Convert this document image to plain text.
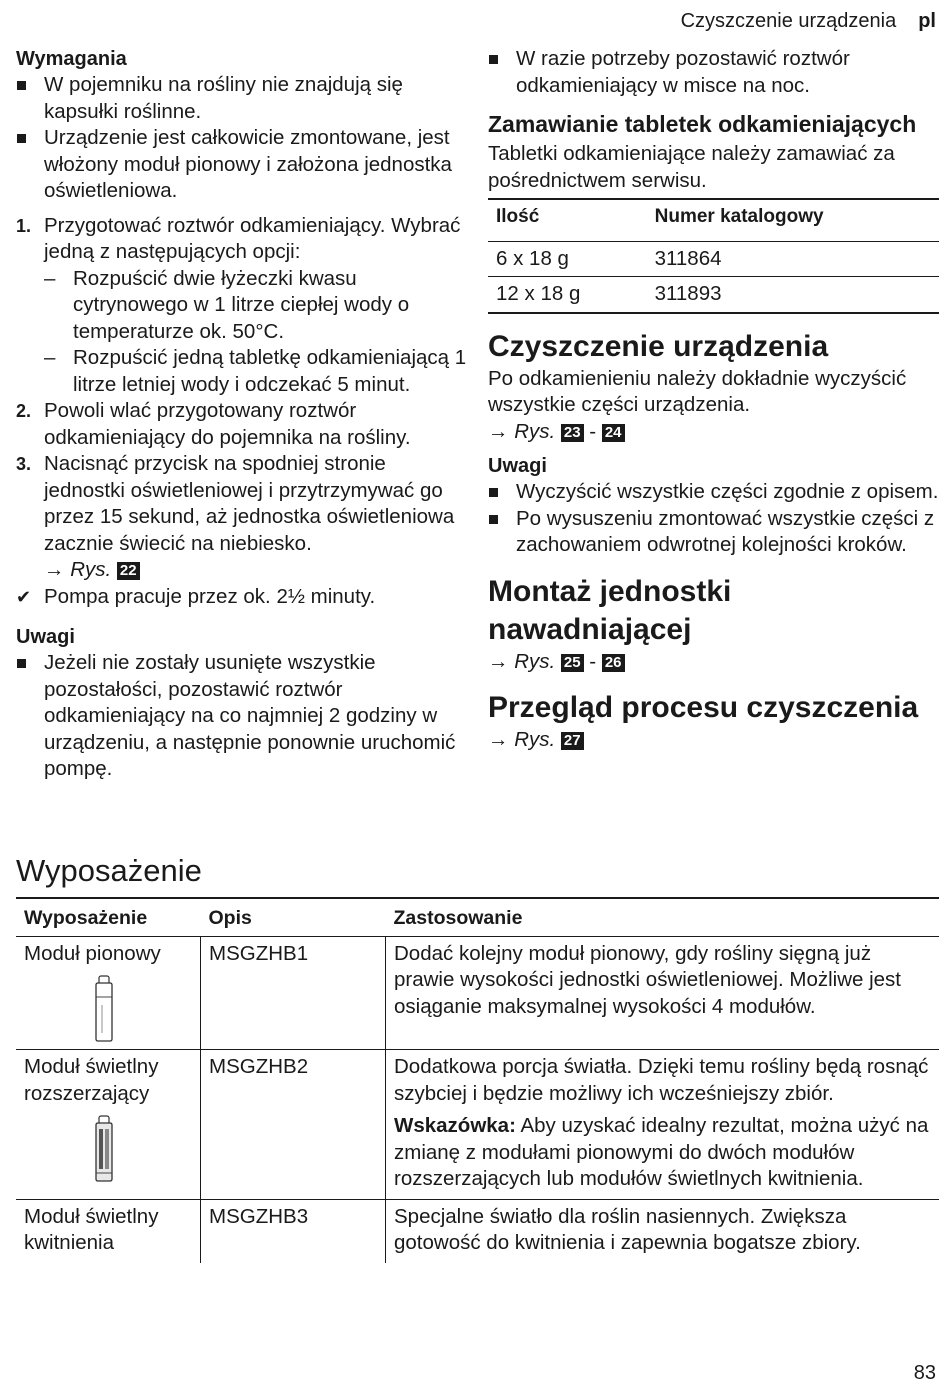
Czyszczenie urządzenia pl
Wymagania
W pojemniku na rośliny nie znajdują się kapsułki roślinne.
Urządzenie jest całkowicie zmontowane, jest włożony moduł pionowy i założona jednostka oświetleniowa.
1. Przygotować roztwór odkamieniający. Wybrać jedną z następujących opcji:
– Rozpuścić dwie łyżeczki kwasu cytrynowego w 1 litrze ciepłej wody o temperaturze ok. 50°C.
– Rozpuścić jedną tabletkę odkamieniającą 1 litrze letniej wody i odczekać 5 minut.
2. Powoli wlać przygotowany roztwór odkamieniający do pojemnika na rośliny.
3. Nacisnąć przycisk na spodniej stronie jednostki oświetleniowej i przytrzymywać go przez 15 sekund, aż jednostka oświetleniowa zacznie świecić na niebiesko.
→ Rys. 22
✔ Pompa pracuje przez ok. 2½ minuty.
Uwagi
Jeżeli nie zostały usunięte wszystkie pozostałości, pozostawić roztwór odkamieniający na co najmniej 2 godziny w urządzeniu, a następnie ponownie uruchomić pompę.
W razie potrzeby pozostawić roztwór odkamieniający w misce na noc.
Zamawianie tabletek odkamieniających
Tabletki odkamieniające należy zamawiać za pośrednictwem serwisu.
Ilość	Numer katalogowy
6 x 18 g	311864
12 x 18 g	311893
Czyszczenie urządzenia
Po odkamienieniu należy dokładnie wyczyścić wszystkie części urządzenia.
→ Rys. 23 - 24
Uwagi
Wyczyścić wszystkie części zgodnie z opisem.
Po wysuszeniu zmontować wszystkie części z zachowaniem odwrotnej kolejności kroków.
Montaż jednostki nawadniającej
→ Rys. 25 - 26
Przegląd procesu czyszczenia
→ Rys. 27
Wyposażenie
Wyposażenie	Opis	Zastosowanie
Moduł pionowy	MSGZHB1	Dodać kolejny moduł pionowy, gdy rośliny sięgną już prawie wysokości jednostki oświetleniowej. Możliwe jest osiąganie maksymalnej wysokości 4 modułów.
Moduł świetlny rozszerzający	MSGZHB2	Dodatkowa porcja światła. Dzięki temu rośliny będą rosnąć szybciej i będzie możliwy ich wcześniejszy zbiór.
Wskazówka: Aby uzyskać idealny rezultat, można użyć na zmianę z modułami pionowymi do dwóch modułów rozszerzających lub modułów świetlnych kwitnienia.

Moduł świetlny kwitnienia	MSGZHB3	Specjalne światło dla roślin nasiennych. Zwiększa gotowość do kwitnienia i zapewnia bogatsze zbiory.
83
